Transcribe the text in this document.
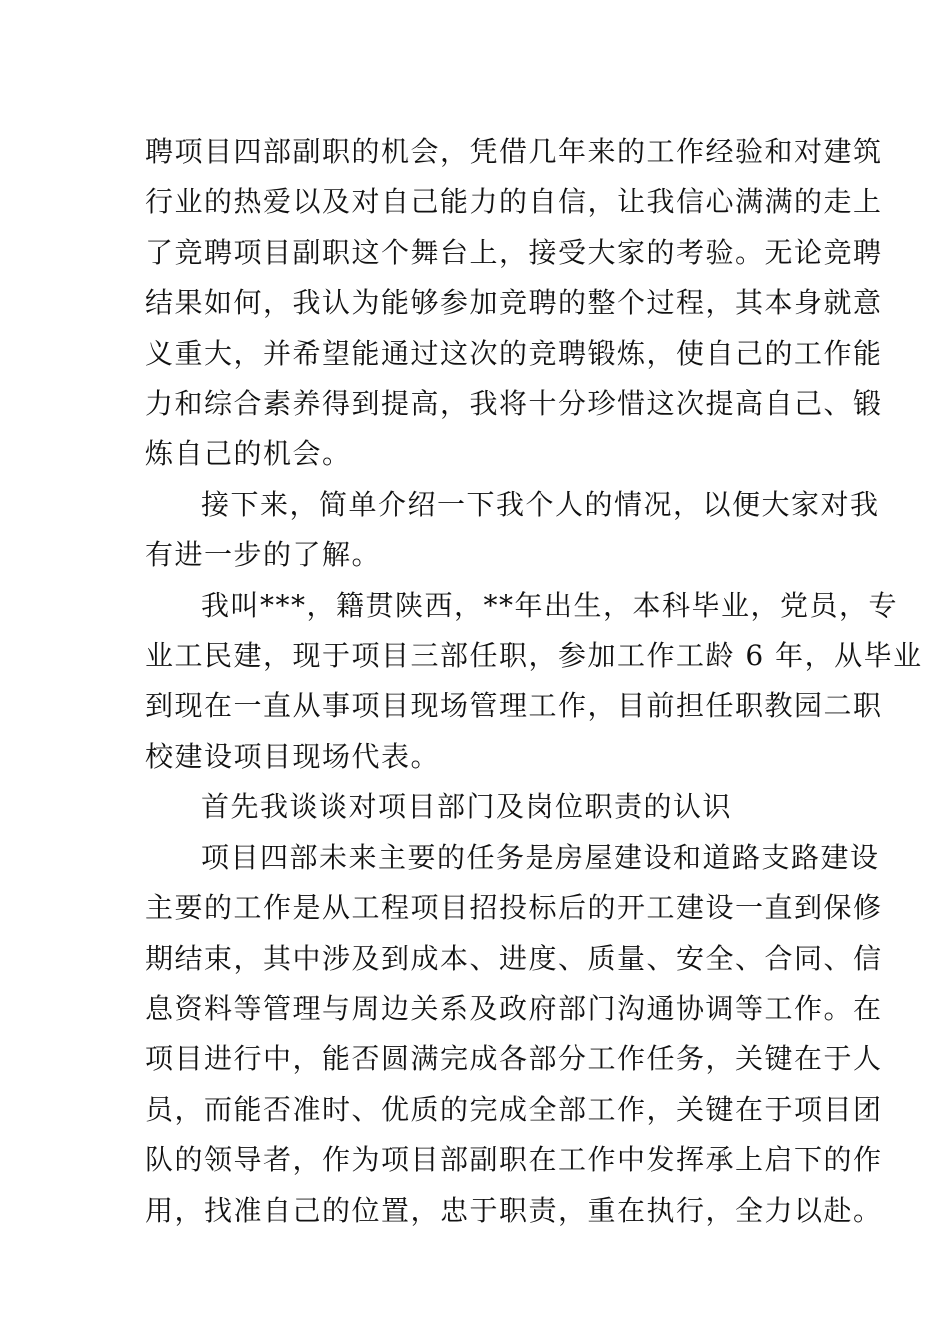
聘项目四部副职的机会，凭借几年来的工作经验和对建筑
行业的热爱以及对自己能力的自信，让我信心满满的走上
了竞聘项目副职这个舞台上，接受大家的考验。无论竞聘
结果如何，我认为能够参加竞聘的整个过程，其本身就意
义重大，并希望能通过这次的竞聘锻炼，使自己的工作能
力和综合素养得到提高，我将十分珍惜这次提高自己、锻
炼自己的机会。
接下来，简单介绍一下我个人的情况，以便大家对我
有进一步的了解。
我叫***，籍贯陕西，**年出生，本科毕业，党员，专
业工民建，现于项目三部任职，参加工作工龄 6 年，从毕业
到现在一直从事项目现场管理工作，目前担任职教园二职
校建设项目现场代表。
首先我谈谈对项目部门及岗位职责的认识
项目四部未来主要的任务是房屋建设和道路支路建设
主要的工作是从工程项目招投标后的开工建设一直到保修
期结束，其中涉及到成本、进度、质量、安全、合同、信
息资料等管理与周边关系及政府部门沟通协调等工作。在
项目进行中，能否圆满完成各部分工作任务，关键在于人
员，而能否准时、优质的完成全部工作，关键在于项目团
队的领导者，作为项目部副职在工作中发挥承上启下的作
用，找准自己的位置，忠于职责，重在执行，全力以赴。
